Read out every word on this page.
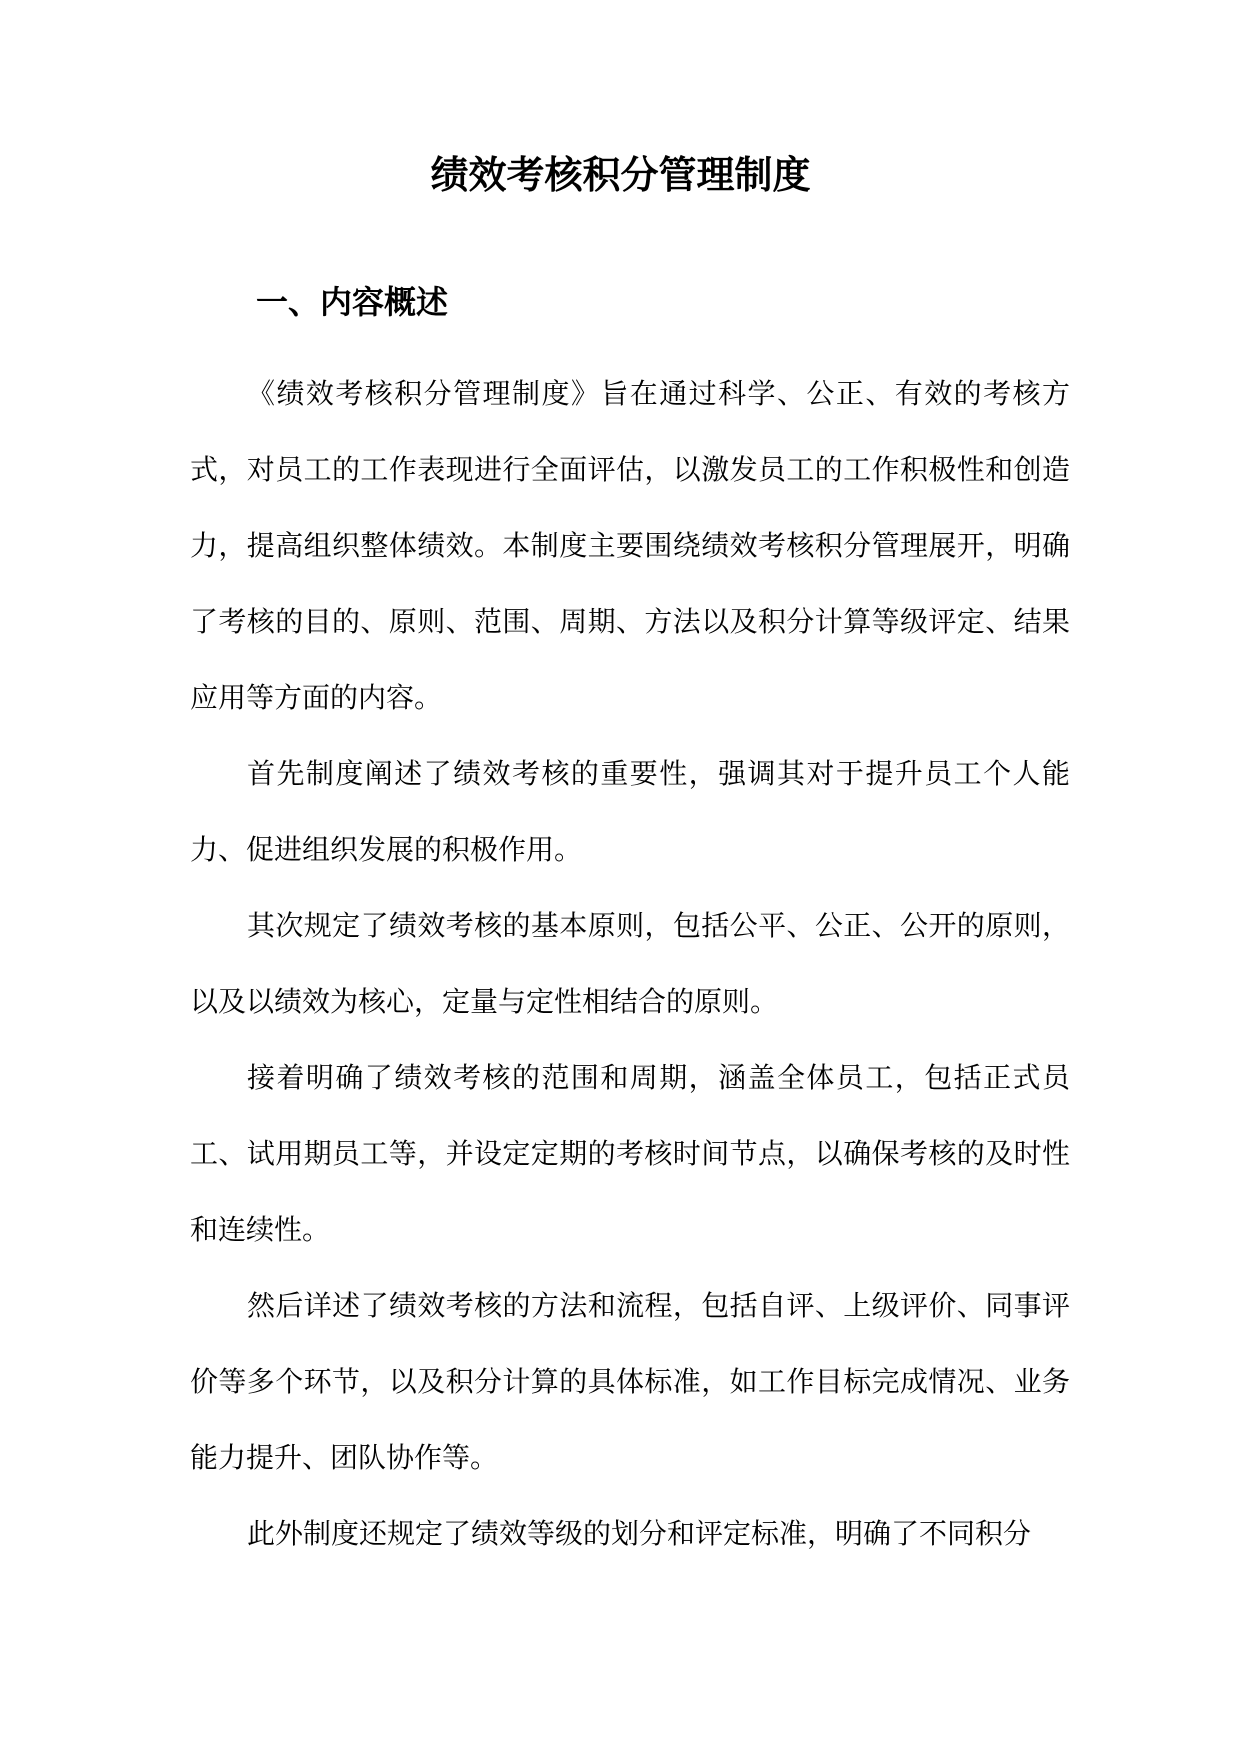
绩效考核积分管理制度
一、内容概述

《绩效考核积分管理制度》旨在通过科学、公正、有效的考核方式，对员工的工作表现进行全面评估，以激发员工的工作积极性和创造力，提高组织整体绩效。本制度主要围绕绩效考核积分管理展开，明确了考核的目的、原则、范围、周期、方法以及积分计算等级评定、结果应用等方面的内容。

首先制度阐述了绩效考核的重要性，强调其对于提升员工个人能力、促进组织发展的积极作用。

其次规定了绩效考核的基本原则，包括公平、公正、公开的原则，以及以绩效为核心，定量与定性相结合的原则。

接着明确了绩效考核的范围和周期，涵盖全体员工，包括正式员工、试用期员工等，并设定定期的考核时间节点，以确保考核的及时性和连续性。

然后详述了绩效考核的方法和流程，包括自评、上级评价、同事评价等多个环节，以及积分计算的具体标准，如工作目标完成情况、业务能力提升、团队协作等。

此外制度还规定了绩效等级的划分和评定标准，明确了不同积分
